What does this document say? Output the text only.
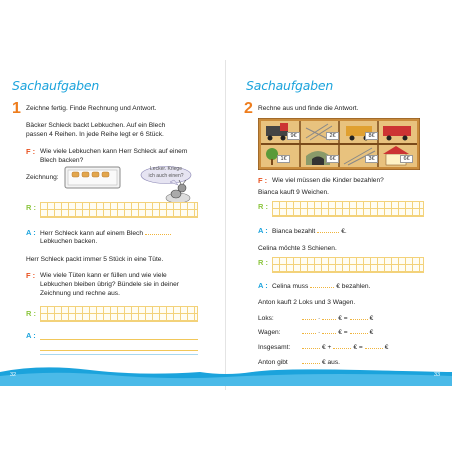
Sachaufgaben
1 Zeichne fertig. Finde Rechnung und Antwort.
Bäcker Schleck backt Lebkuchen. Auf ein Blech
passen 4 Reihen. In jede Reihe legt er 6 Stück.
F : Wie viele Lebkuchen kann Herr Schleck auf einem
Blech backen?
Zeichnung:
Lecker. Kriege
ich auch einen?
R :
A : Herr Schleck kann auf einem Blech
Lebkuchen backen.
Herr Schleck packt immer 5 Stück in eine Tüte.
F : Wie viele Tüten kann er füllen und wie viele
Lebkuchen bleiben übrig? Bündele sie in deiner
Zeichnung und rechne aus.
R :
A :
Sachaufgaben
2 Rechne aus und finde die Antwort.
9€	2€	8€
1€	6€	3€	6€
F : Wie viel müssen die Kinder bezahlen?
Bianca kauft 9 Weichen.
R :
A : Bianca bezahlt	€.
Celina möchte 3 Schienen.
R :
A : Celina muss	€ bezahlen.
Anton kauft 2 Loks und 3 Wagen.
Loks:	·	€ =	€
Wagen:	·	€ =	€
Insgesamt:	€ +	€ =	€
Anton gibt	€ aus.
32	33
